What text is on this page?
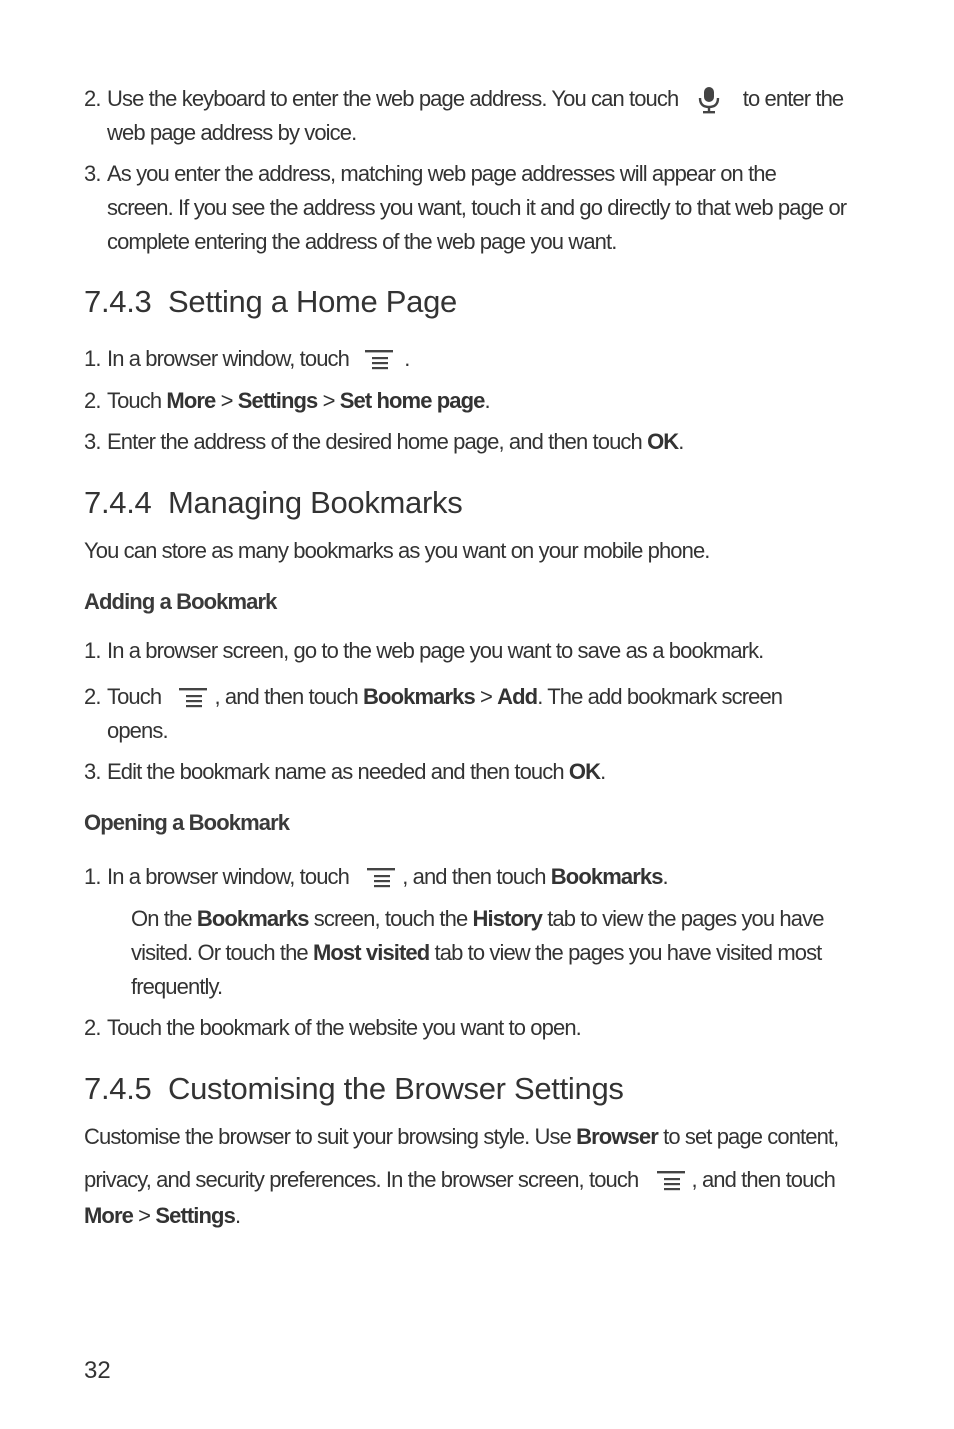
2. Use the keyboard to enter the web page address. You can touch	to enter the
web page address by voice.
3. As you enter the address, matching web page addresses will appear on the
screen. If you see the address you want, touch it and go directly to that web page or
complete entering the address of the web page you want.
7.4.3 Setting a Home Page
1. In a browser window, touch	.
2. Touch More > Settings > Set home page.
3. Enter the address of the desired home page, and then touch OK.
7.4.4 Managing Bookmarks
You can store as many bookmarks as you want on your mobile phone.
Adding a Bookmark
1. In a browser screen, go to the web page you want to save as a bookmark.
2. Touch , and then touch Bookmarks > Add. The add bookmark screen
opens.
3. Edit the bookmark name as needed and then touch OK.
Opening a Bookmark
1. In a browser window, touch , and then touch Bookmarks.
On the Bookmarks screen, touch the History tab to view the pages you have
visited. Or touch the Most visited tab to view the pages you have visited most
frequently.
2. Touch the bookmark of the website you want to open.
7.4.5 Customising the Browser Settings
Customise the browser to suit your browsing style. Use Browser to set page content,
privacy, and security preferences. In the browser screen, touch , and then touch
More > Settings.
32
